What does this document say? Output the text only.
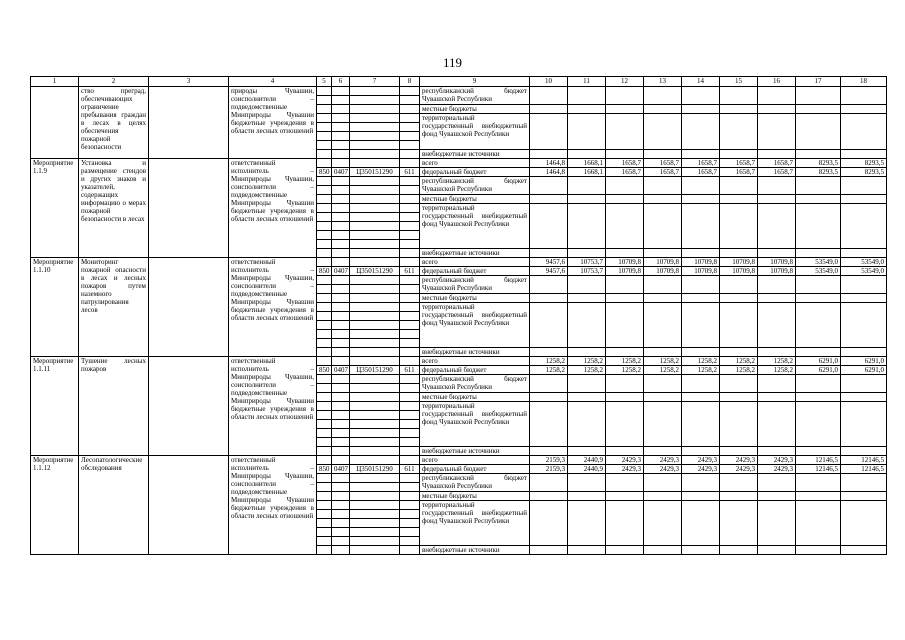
119
1	2	3	4	5	6	7	8	9	10	11	12	13	14	15	16	17	18
	ство преград, обеспечивающих ограничение пребывания граждан в лесах в целях обеспечения пожарной безопасности		природы Чувашии, соисполнители – подведомственные Минприроды Чувашии бюджетные учреждения в области лесных отношений					республиканский бюджет Чувашской Республики									

								местные бюджеты									
								территориальный государственный внебюджетный фонд Чувашской Республики									

								внебюджетные источники									
Мероприятие 1.1.9	Установка и размещение стендов и других знаков и указателей, содержащих информацию о мерах пожарной безопасности в лесах		ответственный исполнитель – Минприроды Чувашии, соисполнители – подведомственные Минприроды Чувашии бюджетные учреждения в области лесных отношений					всего	1464,8	1668,1	1658,7	1658,7	1658,7	1658,7	1658,7	8293,5	8293,5
				850	0407	Ц350151290	611	федеральный бюджет	1464,8	1668,1	1658,7	1658,7	1658,7	1658,7	1658,7	8293,5	8293,5
								республиканский бюджет Чувашской Республики									

								местные бюджеты									
								территориальный государственный внебюджетный фонд Чувашской Республики									

								внебюджетные источники									
Мероприятие 1.1.10	Мониторинг пожарной опасности в лесах и лесных пожаров путем наземного патрулирования лесов		ответственный исполнитель – Минприроды Чувашии, соисполнители – подведомственные Минприроды Чувашии бюджетные учреждения в области лесных отношений					всего	9457,6	10753,7	10709,8	10709,8	10709,8	10709,8	10709,8	53549,0	53549,0
				850	0407	Ц350151290	611	федеральный бюджет	9457,6	10753,7	10709,8	10709,8	10709,8	10709,8	10709,8	53549,0	53549,0
								республиканский бюджет Чувашской Республики									

								местные бюджеты									
								территориальный государственный внебюджетный фонд Чувашской Республики									

								внебюджетные источники									
Мероприятие 1.1.11	Тушение лесных пожаров		ответственный исполнитель – Минприроды Чувашии, соисполнители – подведомственные Минприроды Чувашии бюджетные учреждения в области лесных отношений					всего	1258,2	1258,2	1258,2	1258,2	1258,2	1258,2	1258,2	6291,0	6291,0
				850	0407	Ц350151290	611	федеральный бюджет	1258,2	1258,2	1258,2	1258,2	1258,2	1258,2	1258,2	6291,0	6291,0
								республиканский бюджет Чувашской Республики									

								местные бюджеты									
								территориальный государственный внебюджетный фонд Чувашской Республики									

								внебюджетные источники									
Мероприятие 1.1.12	Лесопатологические обследования		ответственный исполнитель – Минприроды Чувашии, соисполнители – подведомственные Минприроды Чувашии бюджетные учреждения в области лесных отношений					всего	2159,3	2440,9	2429,3	2429,3	2429,3	2429,3	2429,3	12146,5	12146,5
				850	0407	Ц350151290	611	федеральный бюджет	2159,3	2440,9	2429,3	2429,3	2429,3	2429,3	2429,3	12146,5	12146,5
								республиканский бюджет Чувашской Республики									

								местные бюджеты									
								территориальный государственный внебюджетный фонд Чувашской Республики									

								внебюджетные источники									
